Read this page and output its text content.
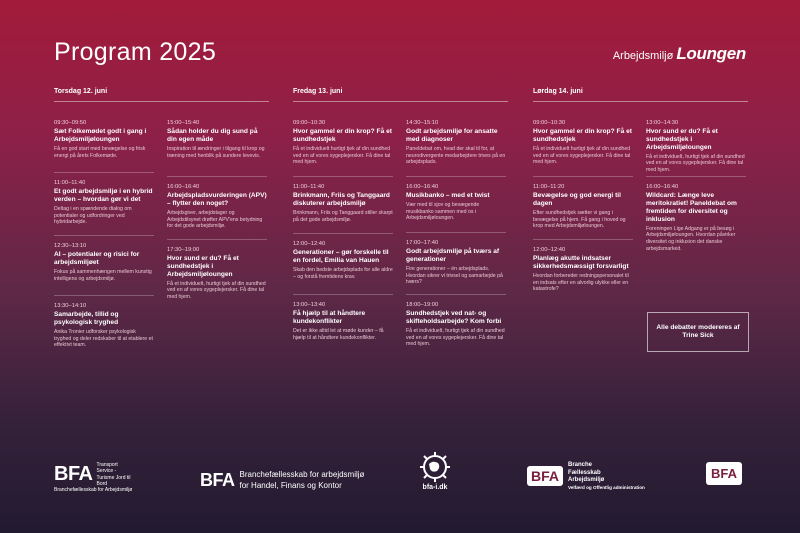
Program 2025	Arbejdsmiljø Loungen
Torsdag 12. juni
09:30–09:50
Sæt Folkemødet godt i gang i Arbejdsmiljøloungen
Få en god start med bevægelse og frisk energi på årets Folkemøde.
11:00–11:40
Et godt arbejdsmiljø i en hybrid verden – hvordan gør vi det
Deltag i en spændende dialog om potentialer og udfordringer ved hybridarbejde.
12:30–13:10
AI – potentialer og risici for arbejdsmiljøet
Fokus på sammenhængen mellem kunstig intelligens og arbejdsmiljø.
13:30–14:10
Samarbejde, tillid og psykologisk tryghed
Anika Tronier udforsker psykologisk tryghed og deler redskaber til at etablere et effektivt team.
15:00–15:40
Sådan holder du dig sund på din egen måde
Inspiration til ændringer i tilgang til krop og træning med henblik på sundere levevis.
16:00–16:40
Arbejdspladsvurderingen (APV) – flytter den noget?
Arbejdsgiver, arbejdstager og Arbejdstilsynet drøfter APV'ens betydning for det gode arbejdsmiljø.
17:30–19:00
Hvor sund er du? Få et sundhedstjek i Arbejdsmiljøloungen
Få et individuelt, hurtigt tjek af din sundhed ved en af vores sygeplejersker. Få dine tal med hjem.
Fredag 13. juni
09:00–10:30
Hvor gammel er din krop? Få et sundhedstjek
Få et individuelt hurtigt tjek af din sundhed ved en af vores sygeplejersker. Få dine tal med hjem.
11:00–11:40
Brinkmann, Friis og Tanggaard diskuterer arbejdsmiljø
Brinkmann, Friis og Tanggaard stiller skarpt på det gode arbejdsmiljø.
12:00–12:40
Generationer – gør forskelle til en fordel, Emilia van Hauen
Skab den bedste arbejdsplads for alle aldre – og forstå fremtidens krav.
13:00–13:40
Få hjælp til at håndtere kundekonflikter
Det er ikke altid let at møde kunder – få hjælp til at håndtere kundekonflikter.
14:30–15:10
Godt arbejdsmiljø for ansatte med diagnoser
Paneldebat om, hvad der skal til for, at neurodivergente medarbejdere trives på en arbejdsplads.
16:00–16:40
Musikbanko – med et twist
Vær med til sjov og bevægende musikbanko sammen med os i Arbejdsmiljøloungen.
17:00–17:40
Godt arbejdsmiljø på tværs af generationer
Fire generationer – én arbejdsplads. Hvordan sikrer vi trivsel og samarbejde på tværs?
18:00–19:00
Sundhedstjek ved nat- og skifteholdsarbejde? Kom forbi
Få et individuelt, hurtigt tjek af din sundhed ved en af vores sygeplejersker. Få dine tal med hjem.
Lørdag 14. juni
09:00–10:30
Hvor gammel er din krop? Få et sundhedstjek
Få et individuelt hurtigt tjek af din sundhed ved en af vores sygeplejersker. Få dine tal med hjem.
11:00–11:20
Bevægelse og god energi til dagen
Efter sundhedstjek sætter vi gang i bevægelse på hjem. Få gang i hoved og krop med Arbejdsmiljøloungen.
12:00–12:40
Planlæg akutte indsatser sikkerhedsmæssigt forsvarligt
Hvordan forbereder redningspersonalet til en indsats efter en alvorlig ulykke eller en katastrofe?
13:00–14:30
Hvor sund er du? Få et sundhedstjek i Arbejdsmiljøloungen
Få et individuelt, hurtigt tjek af din sundhed ved en af vores sygeplejersker. Få dine tal med hjem.
16:00–16:40
Wildcard: Længe leve meritokratiet! Paneldebat om fremtiden for diversitet og inklusion
Foreningen Lige Adgang er på besøg i Arbejdsmiljøloungen. Hvordan påvirker diversitet og inklusion det danske arbejdsmarked.
Alle debatter modereres af Trine Sick
BFA Transport Service - Turisme Jord til Bord
Branchefællesskab for Arbejdsmiljø	BFA Branchefællesskab for arbejdsmiljø
for Handel, Finans og Kontor	bfa-i.dk
BFA
Branche
Fællesskab
Arbejdsmiljø
Velfærd og Offentlig administration
BFA
